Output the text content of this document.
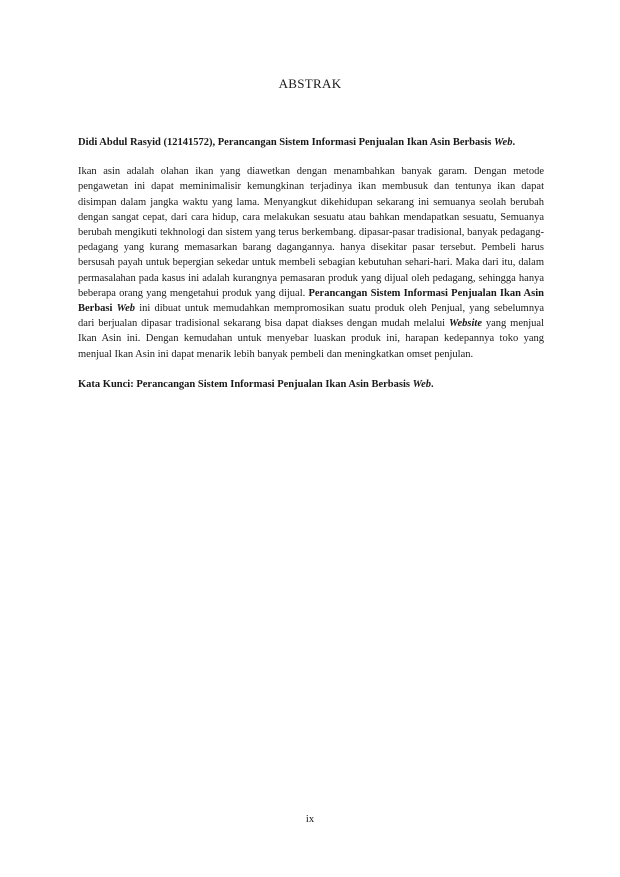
ABSTRAK

Didi Abdul Rasyid (12141572), Perancangan Sistem Informasi Penjualan Ikan Asin Berbasis Web.

Ikan asin adalah olahan ikan yang diawetkan dengan menambahkan banyak garam. Dengan metode pengawetan ini dapat meminimalisir kemungkinan terjadinya ikan membusuk dan tentunya ikan dapat disimpan dalam jangka waktu yang lama. Menyangkut dikehidupan sekarang ini semuanya seolah berubah dengan sangat cepat, dari cara hidup, cara melakukan sesuatu atau bahkan mendapatkan sesuatu, Semuanya berubah mengikuti tekhnologi dan sistem yang terus berkembang. dipasar-pasar tradisional, banyak pedagang-pedagang yang kurang memasarkan barang dagangannya. hanya disekitar pasar tersebut. Pembeli harus bersusah payah untuk bepergian sekedar untuk membeli sebagian kebutuhan sehari-hari. Maka dari itu, dalam permasalahan pada kasus ini adalah kurangnya pemasaran produk yang dijual oleh pedagang, sehingga hanya beberapa orang yang mengetahui produk yang dijual. Perancangan Sistem Informasi Penjualan Ikan Asin Berbasi Web ini dibuat untuk memudahkan mempromosikan suatu produk oleh Penjual, yang sebelumnya dari berjualan dipasar tradisional sekarang bisa dapat diakses dengan mudah melalui Website yang menjual Ikan Asin ini. Dengan kemudahan untuk menyebar luaskan produk ini, harapan kedepannya toko yang menjual Ikan Asin ini dapat menarik lebih banyak pembeli dan meningkatkan omset penjulan.

Kata Kunci: Perancangan Sistem Informasi Penjualan Ikan Asin Berbasis Web.

ix
